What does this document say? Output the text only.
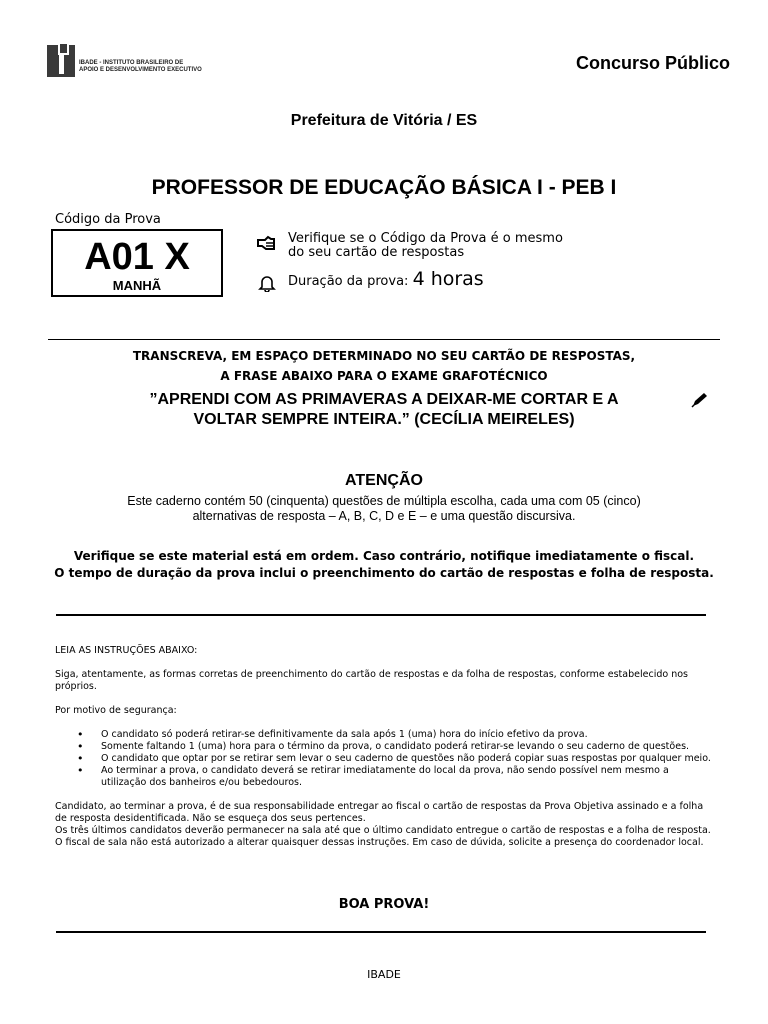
IBADE - INSTITUTO BRASILEIRO DE
APOIO E DESENVOLVIMENTO EXECUTIVO	Concurso Público
Prefeitura de Vitória / ES
PROFESSOR DE EDUCAÇÃO BÁSICA I - PEB I
Código da Prova
A01 X
MANHÃ
Verifique se o Código da Prova é o mesmo
do seu cartão de respostas
Duração da prova: 4 horas
TRANSCREVA, EM ESPAÇO DETERMINADO NO SEU CARTÃO DE RESPOSTAS,
A FRASE ABAIXO PARA O EXAME GRAFOTÉCNICO
”APRENDI COM AS PRIMAVERAS A DEIXAR-ME CORTAR E A
VOLTAR SEMPRE INTEIRA.” (CECÍLIA MEIRELES)
ATENÇÃO
Este caderno contém 50 (cinquenta) questões de múltipla escolha, cada uma com 05 (cinco)
alternativas de resposta – A, B, C, D e E – e uma questão discursiva.
Verifique se este material está em ordem. Caso contrário, notifique imediatamente o fiscal.
O tempo de duração da prova inclui o preenchimento do cartão de respostas e folha de resposta.

LEIA AS INSTRUÇÕES ABAIXO:

Siga, atentamente, as formas corretas de preenchimento do cartão de respostas e da folha de respostas, conforme estabelecido nos próprios.

Por motivo de segurança:

• O candidato só poderá retirar-se definitivamente da sala após 1 (uma) hora do início efetivo da prova.
• Somente faltando 1 (uma) hora para o término da prova, o candidato poderá retirar-se levando o seu caderno de questões.
• O candidato que optar por se retirar sem levar o seu caderno de questões não poderá copiar suas respostas por qualquer meio.
• Ao terminar a prova, o candidato deverá se retirar imediatamente do local da prova, não sendo possível nem mesmo a utilização dos banheiros e/ou bebedouros.

Candidato, ao terminar a prova, é de sua responsabilidade entregar ao fiscal o cartão de respostas da Prova Objetiva assinado e a folha de resposta desidentificada. Não se esqueça dos seus pertences.

Os três últimos candidatos deverão permanecer na sala até que o último candidato entregue o cartão de respostas e a folha de resposta.

O fiscal de sala não está autorizado a alterar quaisquer dessas instruções. Em caso de dúvida, solicite a presença do coordenador local.

BOA PROVA!
IBADE
